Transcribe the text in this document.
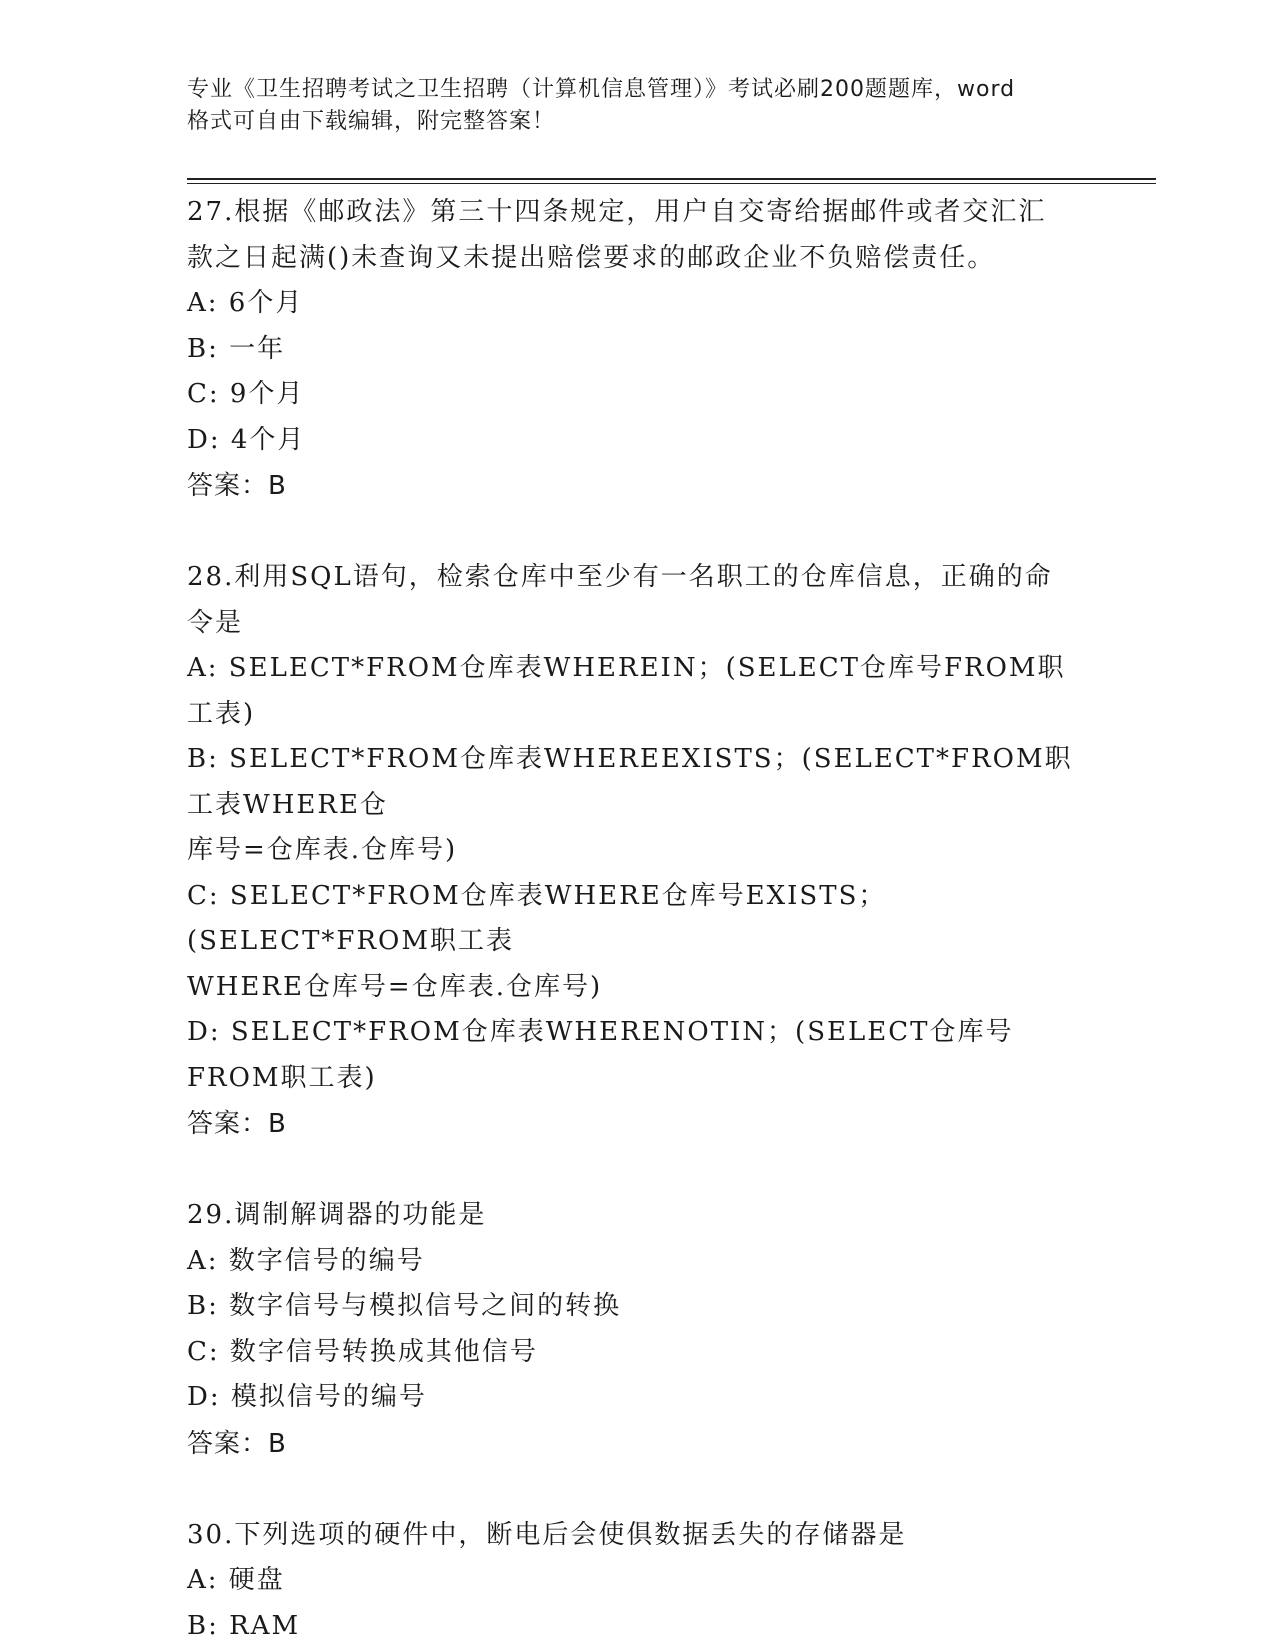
专业《卫生招聘考试之卫生招聘（计算机信息管理）》考试必刷200题题库，word
格式可自由下载编辑，附完整答案！
27.根据《邮政法》第三十四条规定，用户自交寄给据邮件或者交汇汇
款之日起满()未查询又未提出赔偿要求的邮政企业不负赔偿责任。
A: 6个月
B: 一年
C: 9个月
D: 4个月
答案：B
28.利用SQL语句，检索仓库中至少有一名职工的仓库信息，正确的命
令是
A: SELECT*FROM仓库表WHEREIN；(SELECT仓库号FROM职工表)
B: SELECT*FROM仓库表WHEREEXISTS；(SELECT*FROM职工表WHERE仓
库号=仓库表.仓库号)
C: SELECT*FROM仓库表WHERE仓库号EXISTS；(SELECT*FROM职工表
WHERE仓库号=仓库表.仓库号)
D: SELECT*FROM仓库表WHERENOTIN；(SELECT仓库号FROM职工表)
答案：B
29.调制解调器的功能是
A: 数字信号的编号
B: 数字信号与模拟信号之间的转换
C: 数字信号转换成其他信号
D: 模拟信号的编号
答案：B
30.下列选项的硬件中，断电后会使俱数据丢失的存储器是
A: 硬盘
B: RAM
